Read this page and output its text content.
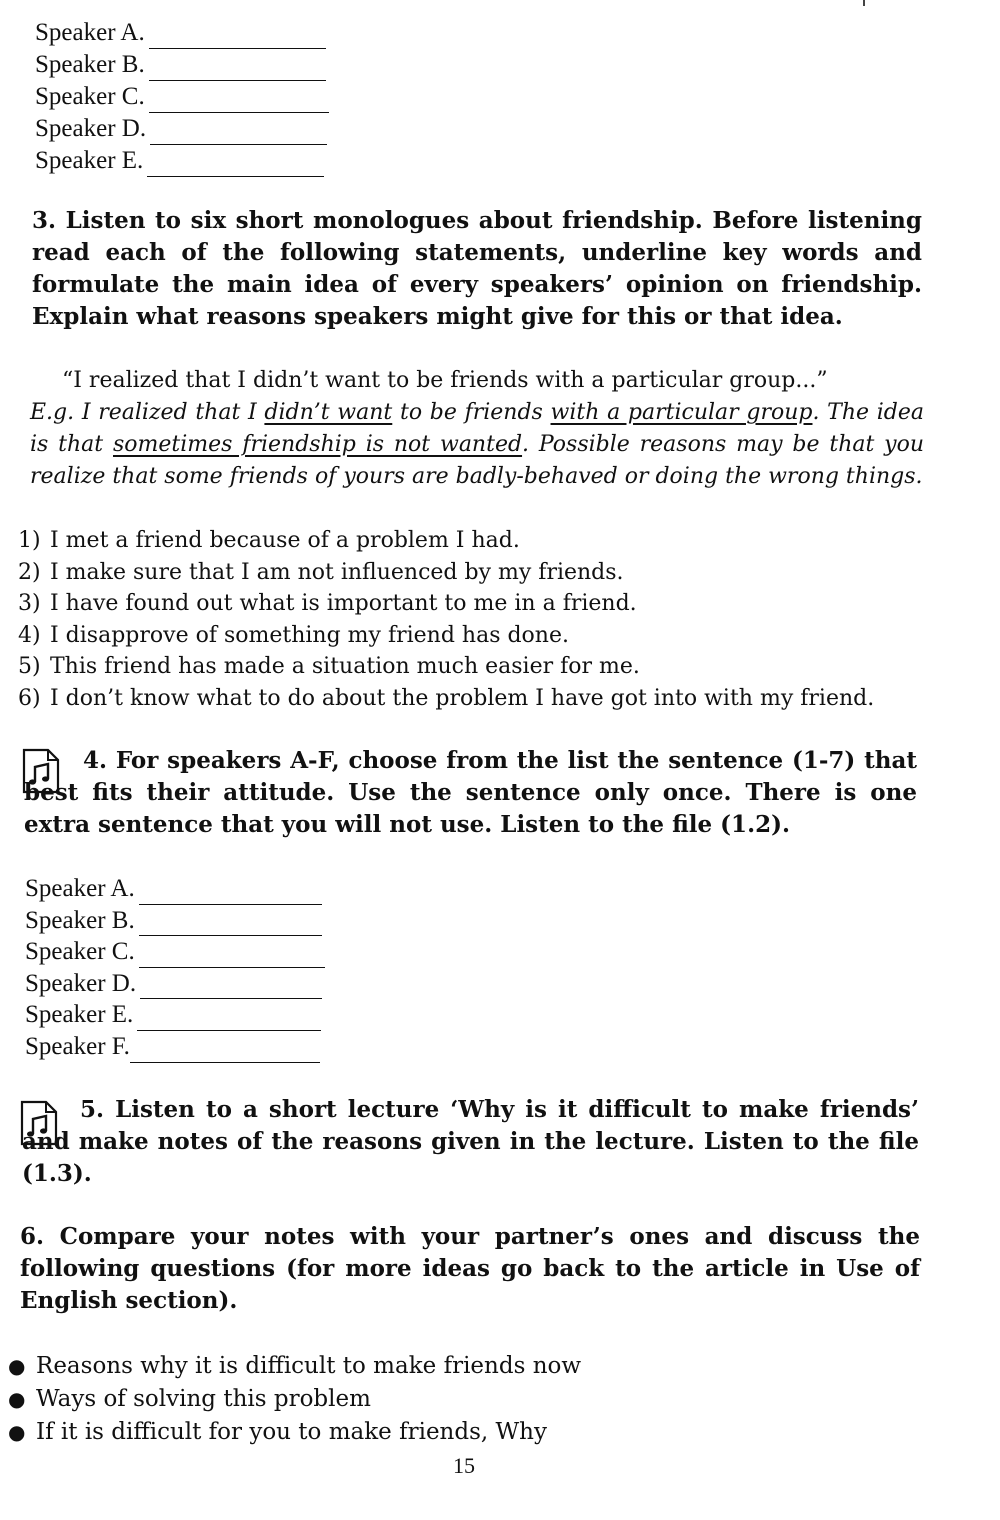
Speaker A.
Speaker B.
Speaker C.
Speaker D.
Speaker E.
3. Listen to six short monologues about friendship. Before listening read each of the following statements, underline key words and formulate the main idea of every speakers’ opinion on friendship. Explain what reasons speakers might give for this or that idea.
“I realized that I didn’t want to be friends with a particular group...”
E.g. I realized that I didn’t want to be friends with a particular group. The idea is that sometimes friendship is not wanted. Possible reasons may be that you realize that some friends of yours are badly-behaved or doing the wrong things.
1) I met a friend because of a problem I had.
2) I make sure that I am not influenced by my friends.
3) I have found out what is important to me in a friend.
4) I disapprove of something my friend has done.
5) This friend has made a situation much easier for me.
6) I don’t know what to do about the problem I have got into with my friend.
4. For speakers A-F, choose from the list the sentence (1-7) that best fits their attitude. Use the sentence only once. There is one extra sentence that you will not use. Listen to the file (1.2).
Speaker A.
Speaker B.
Speaker C.
Speaker D.
Speaker E.
Speaker F.
5. Listen to a short lecture ‘Why is it difficult to make friends’ and make notes of the reasons given in the lecture. Listen to the file (1.3).
6. Compare your notes with your partner’s ones and discuss the following questions (for more ideas go back to the article in Use of English section).
● Reasons why it is difficult to make friends now
● Ways of solving this problem
● If it is difficult for you to make friends, Why
15
